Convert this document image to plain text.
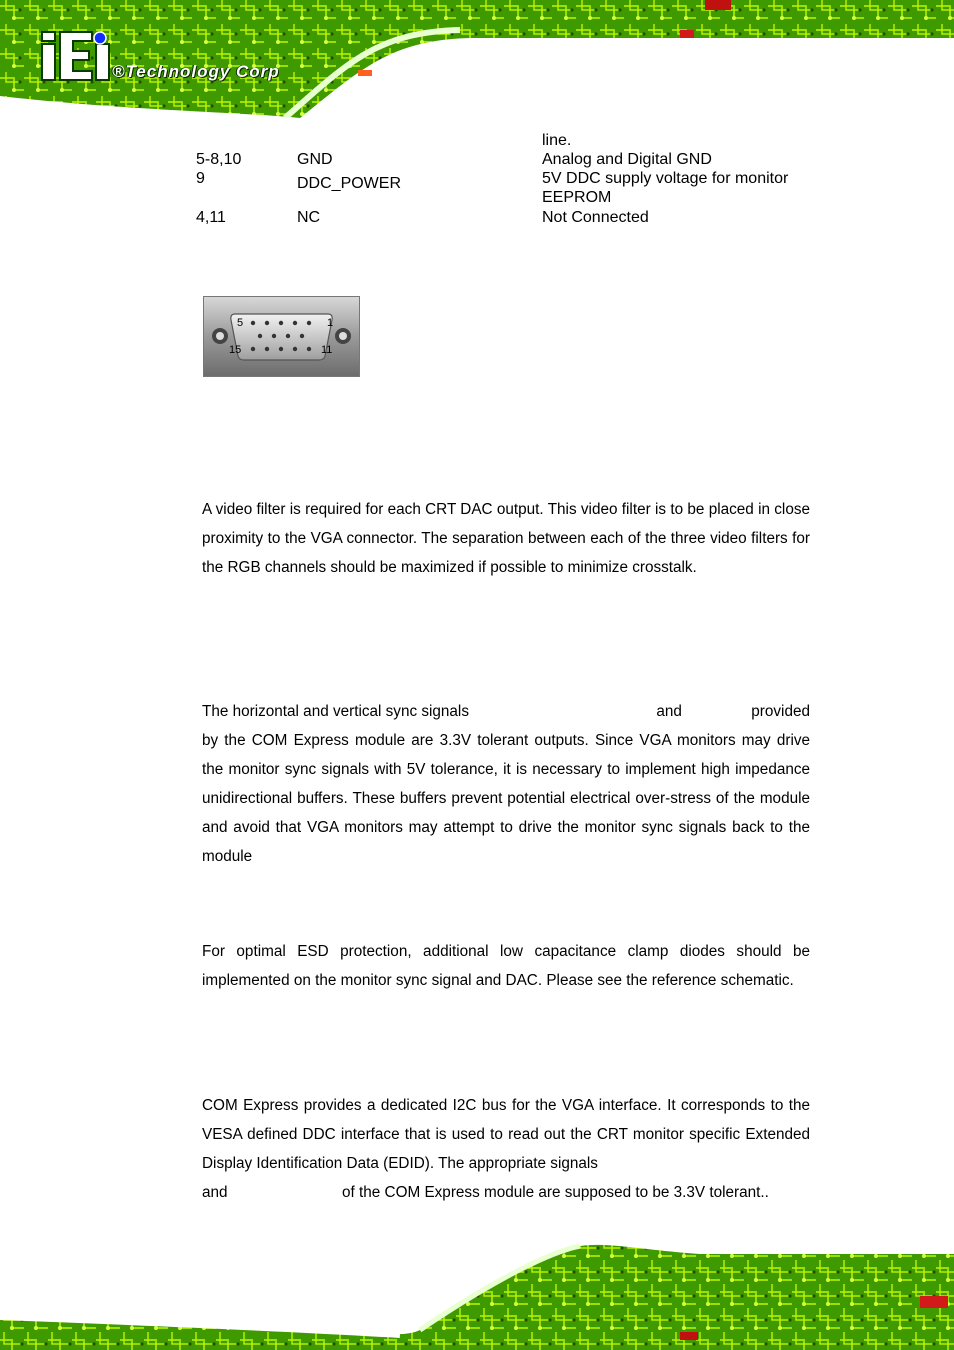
®Technology Corp
line.
5-8,10	GND	Analog and Digital GND
9	DDC_POWER	5V DDC supply voltage for monitor
EEPROM
4,11	NC	Not Connected
5	1
15	11

A video filter is required for each CRT DAC output. This video filter is to be placed in close proximity to the VGA connector. The separation between each of the three video filters for the RGB channels should be maximized if possible to minimize crosstalk.

The horizontal and vertical sync signals	and	provided

by the COM Express module are 3.3V tolerant outputs. Since VGA monitors may drive the monitor sync signals with 5V tolerance, it is necessary to implement high impedance unidirectional buffers. These buffers prevent potential electrical over-stress of the module and avoid that VGA monitors may attempt to drive the monitor sync signals back to the module

For optimal ESD protection, additional low capacitance clamp diodes should be implemented on the monitor sync signal and DAC. Please see the reference schematic.

COM Express provides a dedicated I2C bus for the VGA interface. It corresponds to the VESA defined DDC interface that is used to read out the CRT monitor specific Extended Display Identification Data (EDID). The appropriate signals

and	of the COM Express module are supposed to be 3.3V tolerant..
